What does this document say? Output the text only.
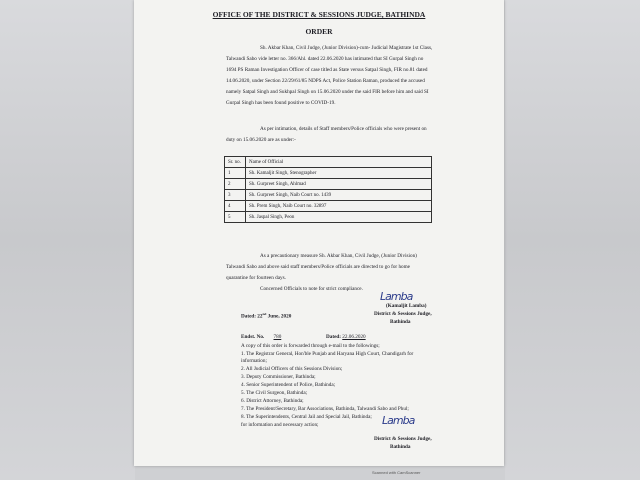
OFFICE OF THE DISTRICT & SESSIONS JUDGE, BATHINDA
ORDER
Sh. Akbar Khan, Civil Judge, (Junior Division)-cum- Judicial Magistrate 1st Class,
Talwandi Sabo vide letter no. 366/Ahl. dated 22.06.2020 has intimated that SI Gurpal Singh no
1694 PS Raman Investigation Officer of case titled as State versus Satpal Singh, FIR no.81 dated
14.06.2020, under Section 22/29/61/85 NDPS Act, Police Station Raman, produced the accused
namely Satpal Singh and Sukhpal Singh on 15.06.2020 under the said FIR before him and said SI
Gurpal Singh has been found positive to COVID-19.
As per intimation, details of Staff members/Police officials who were present on
duty on 15.06.2020 are as under:-
Sr. no.	Name of Official
1	Sh. Kamaljit Singh, Stenographer
2	Sh. Gurpreet Singh, Ahlmad
3	Sh. Gurpreet Singh, Naib Court no. 1439
4	Sh. Prem Singh, Naib Court no. 32897
5	Sh. Jaspal Singh, Peon
As a precautionary measure Sh. Akbar Khan, Civil Judge, (Junior Division)
Talwandi Sabo and above said staff members/Police officials are directed to go for home
quarantine for fourteen days.
Concerned Officials to note for strict compliance.
Lamba
(Kamaljit Lamba)
District & Sessions Judge,
Bathinda
Dated: 22nd June, 2020
Endst. No. 780	Dated: 22.06.2020
A copy of this order is forwarded through e-mail to the followings;
1. The Registrar General, Hon'ble Punjab and Haryana High Court, Chandigarh for
information;
2. All Judicial Officers of this Sessions Division;
3. Deputy Commissioner, Bathinda;
4. Senior Superintendent of Police, Bathinda;
5. The Civil Surgeon, Bathinda;
6. District Attorney, Bathinda;
7. The President/Secretary, Bar Associations, Bathinda, Talwandi Sabo and Phul;
8. The Superintendents, Central Jail and Special Jail, Bathinda;
for information and necessary action;	Lamba
District & Sessions Judge,
Bathinda
Scanned with CamScanner
